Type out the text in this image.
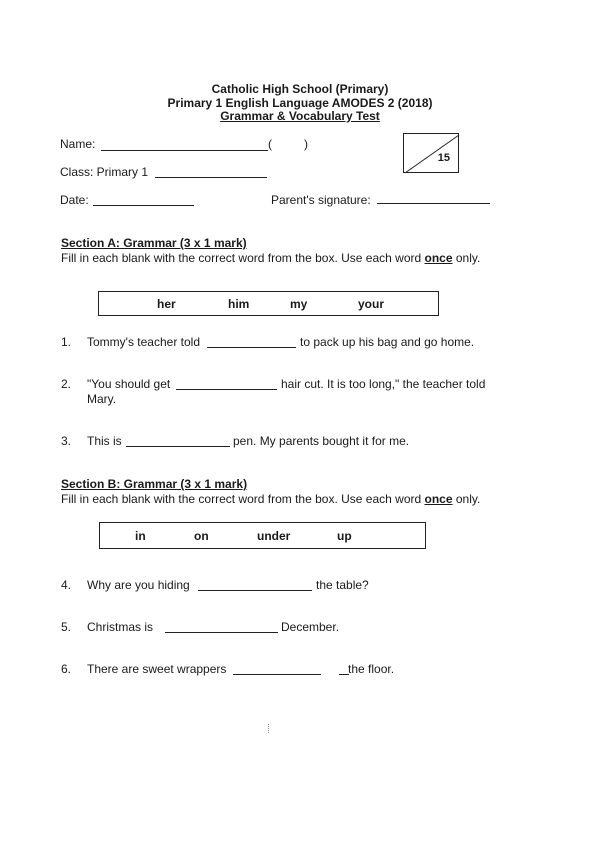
Catholic High School (Primary)
Primary 1 English Language AMODES 2 (2018)
Grammar & Vocabulary Test
Name:	(	)
Class: Primary 1
Date:	Parent's signature:
15
Section A: Grammar (3 x 1 mark)
Fill in each blank with the correct word from the box. Use each word once only.
her	him	my	your
1. Tommy's teacher told	to pack up his bag and go home.
2. "You should get	hair cut. It is too long," the teacher told
Mary.
3. This is	pen. My parents bought it for me.
Section B: Grammar (3 x 1 mark)
Fill in each blank with the correct word from the box. Use each word once only.
in	on	under	up
4. Why are you hiding	the table?
5. Christmas is	December.
6. There are sweet wrappers	the floor.
